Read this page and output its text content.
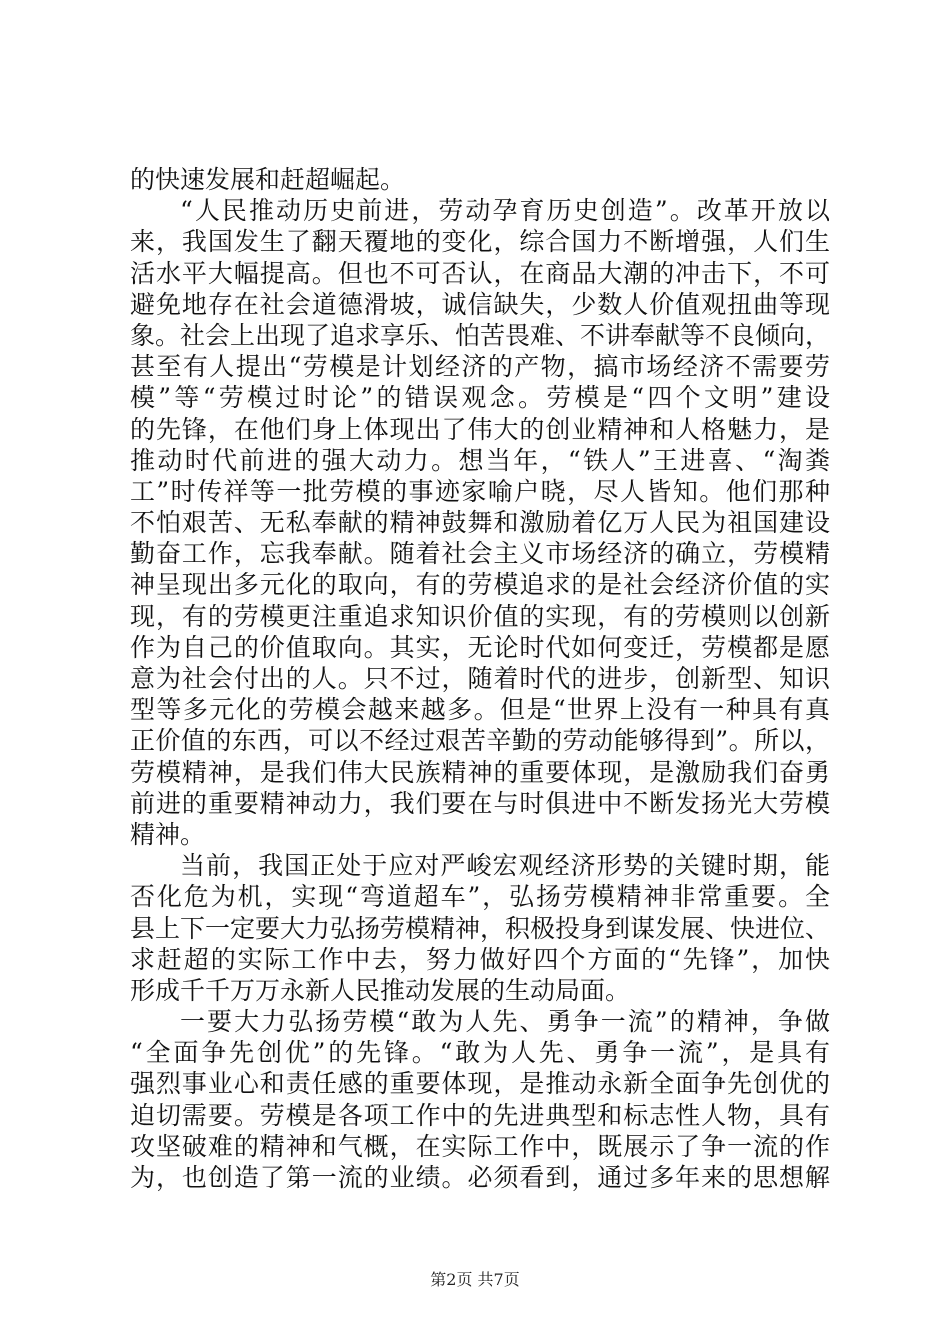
的快速发展和赶超崛起。
“人民推动历史前进，劳动孕育历史创造”。改革开放以
来，我国发生了翻天覆地的变化，综合国力不断增强，人们生
活水平大幅提高。但也不可否认，在商品大潮的冲击下，不可
避免地存在社会道德滑坡，诚信缺失，少数人价值观扭曲等现
象。社会上出现了追求享乐、怕苦畏难、不讲奉献等不良倾向，
甚至有人提出“劳模是计划经济的产物，搞市场经济不需要劳
模”等“劳模过时论”的错误观念。劳模是“四个文明”建设
的先锋，在他们身上体现出了伟大的创业精神和人格魅力，是
推动时代前进的强大动力。想当年，“铁人”王进喜、“淘粪
工”时传祥等一批劳模的事迹家喻户晓，尽人皆知。他们那种
不怕艰苦、无私奉献的精神鼓舞和激励着亿万人民为祖国建设
勤奋工作，忘我奉献。随着社会主义市场经济的确立，劳模精
神呈现出多元化的取向，有的劳模追求的是社会经济价值的实
现，有的劳模更注重追求知识价值的实现，有的劳模则以创新
作为自己的价值取向。其实，无论时代如何变迁，劳模都是愿
意为社会付出的人。只不过，随着时代的进步，创新型、知识
型等多元化的劳模会越来越多。但是“世界上没有一种具有真
正价值的东西，可以不经过艰苦辛勤的劳动能够得到”。所以，
劳模精神，是我们伟大民族精神的重要体现，是激励我们奋勇
前进的重要精神动力，我们要在与时俱进中不断发扬光大劳模
精神。
当前，我国正处于应对严峻宏观经济形势的关键时期，能
否化危为机，实现“弯道超车”，弘扬劳模精神非常重要。全
县上下一定要大力弘扬劳模精神，积极投身到谋发展、快进位、
求赶超的实际工作中去，努力做好四个方面的“先锋”，加快
形成千千万万永新人民推动发展的生动局面。
一要大力弘扬劳模“敢为人先、勇争一流”的精神，争做
“全面争先创优”的先锋。“敢为人先、勇争一流”，是具有
强烈事业心和责任感的重要体现，是推动永新全面争先创优的
迫切需要。劳模是各项工作中的先进典型和标志性人物，具有
攻坚破难的精神和气概，在实际工作中，既展示了争一流的作
为，也创造了第一流的业绩。必须看到，通过多年来的思想解
第2页 共7页
